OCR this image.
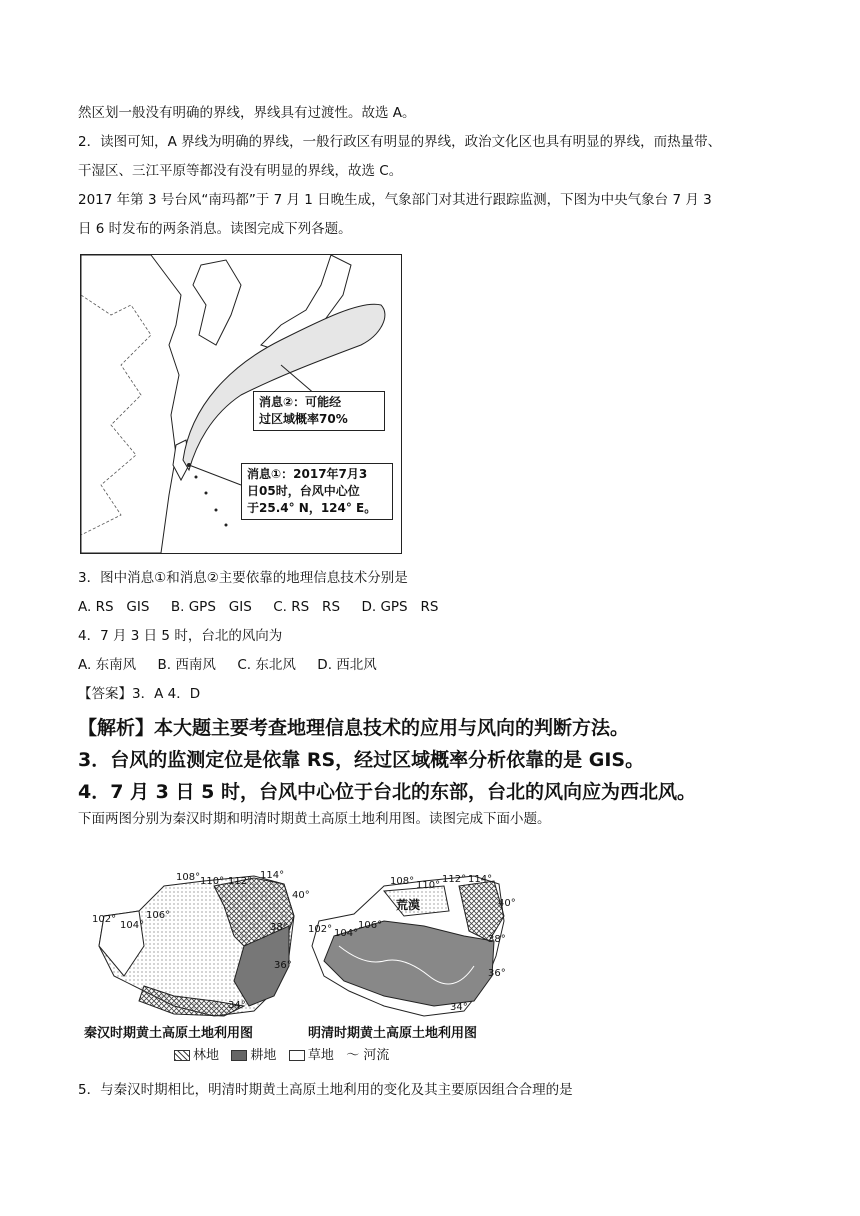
然区划一般没有明确的界线，界线具有过渡性。故选 A。
2．读图可知，A 界线为明确的界线，一般行政区有明显的界线，政治文化区也具有明显的界线，而热量带、
干湿区、三江平原等都没有没有明显的界线，故选 C。
2017 年第 3 号台风“南玛都”于 7 月 1 日晚生成，气象部门对其进行跟踪监测，下图为中央气象台 7 月 3
日 6 时发布的两条消息。读图完成下列各题。
消息②：可能经
过区域概率70%
消息①：2017年7月3
日05时，台风中心位
于25.4° N，124° E。
3．图中消息①和消息②主要依靠的地理信息技术分别是
A. RS   GIS     B. GPS   GIS     C. RS   RS     D. GPS   RS
4．7 月 3 日 5 时，台北的风向为
A. 东南风     B. 西南风     C. 东北风     D. 西北风
【答案】3．A 4．D
【解析】本大题主要考查地理信息技术的应用与风向的判断方法。
3．台风的监测定位是依靠 RS，经过区域概率分析依靠的是 GIS。
4．7 月 3 日 5 时，台风中心位于台北的东部，台北的风向应为西北风。
下面两图分别为秦汉时期和明清时期黄土高原土地利用图。读图完成下面小题。
108° 110° 112°
114°
40°
38°
36°
34°
102°
104°
106°
108° 110°
112° 114°
40°
38°
36°
34°
102° 104°
106°
荒漠
秦汉时期黄土高原土地利用图	明清时期黄土高原土地利用图
林地 耕地 草地 ～ 河流
5．与秦汉时期相比，明清时期黄土高原土地利用的变化及其主要原因组合合理的是
